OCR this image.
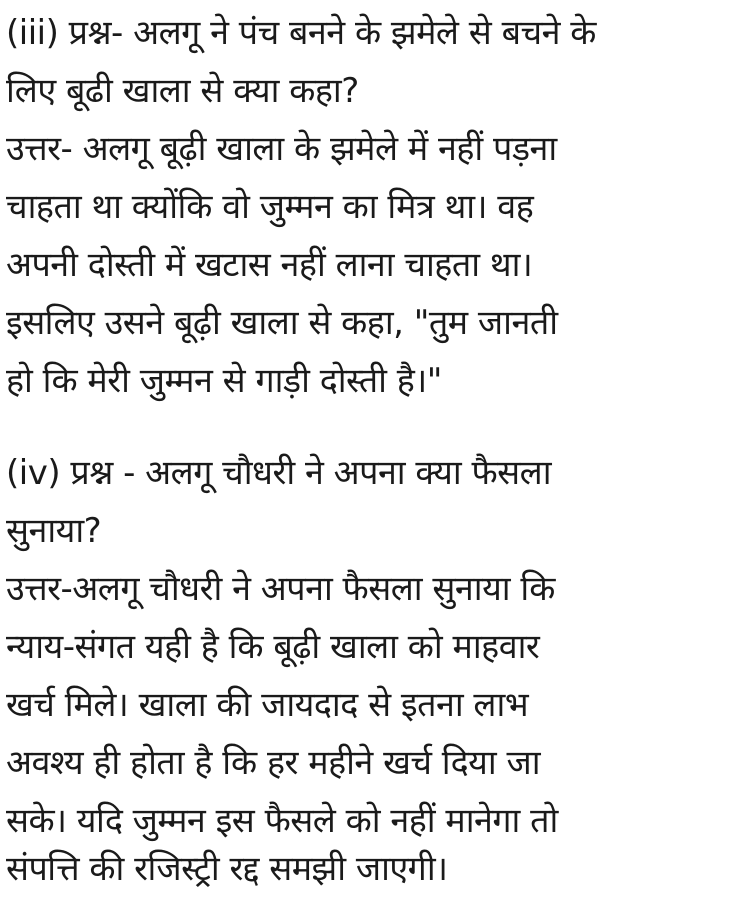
(iii) प्रश्न- अलगू ने पंच बनने के झमेले से बचने के
लिए बूढी खाला से क्या कहा?
उत्तर- अलगू बूढ़ी खाला के झमेले में नहीं पड़ना
चाहता था क्योंकि वो जुम्मन का मित्र था। वह
अपनी दोस्ती में खटास नहीं लाना चाहता था।
इसलिए उसने बूढ़ी खाला से कहा, "तुम जानती
हो कि मेरी जुम्मन से गाड़ी दोस्ती है।"
(iv) प्रश्न - अलगू चौधरी ने अपना क्या फैसला
सुनाया?
उत्तर-अलगू चौधरी ने अपना फैसला सुनाया कि
न्याय-संगत यही है कि बूढ़ी खाला को माहवार
खर्च मिले। खाला की जायदाद से इतना लाभ
अवश्य ही होता है कि हर महीने खर्च दिया जा
सके। यदि जुम्मन इस फैसले को नहीं मानेगा तो
संपत्ति की रजिस्ट्री रद्द समझी जाएगी।
